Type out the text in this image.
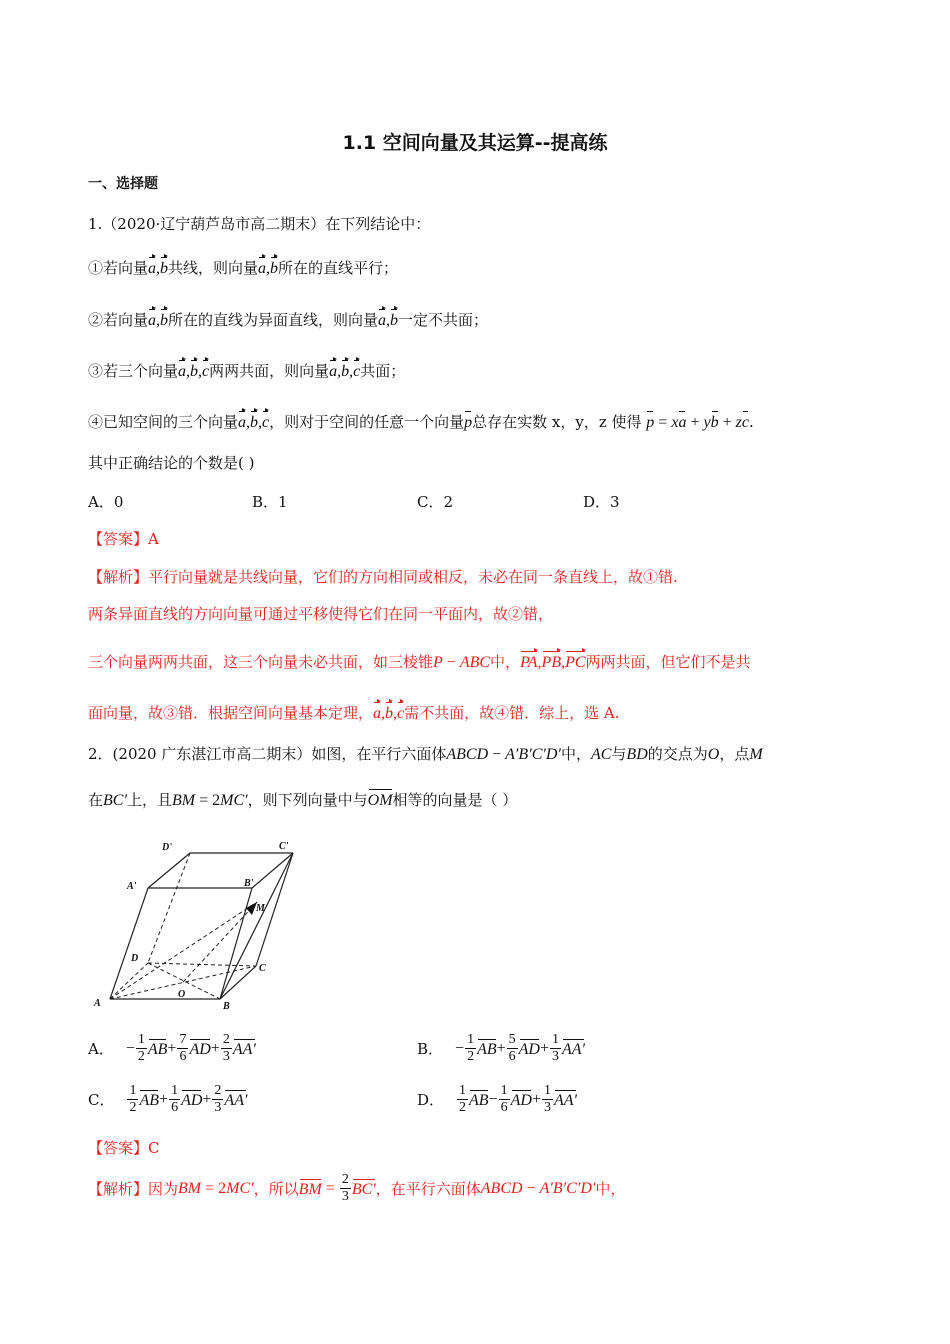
1.1 空间向量及其运算--提高练
一、选择题
1.（2020·辽宁葫芦岛市高二期末）在下列结论中：
①若向量a,b共线，则向量a,b所在的直线平行；
②若向量a,b所在的直线为异面直线，则向量a,b一定不共面；
③若三个向量a,b,c两两共面，则向量a,b,c共面；
④已知空间的三个向量a,b,c，则对于空间的任意一个向量p总存在实数 x，y，z 使得 p = xa + yb + zc.
其中正确结论的个数是( )
A．0	B．1	C．2	D．3
【答案】A
【解析】平行向量就是共线向量，它们的方向相同或相反，未必在同一条直线上，故①错.
两条异面直线的方向向量可通过平移使得它们在同一平面内，故②错，
三个向量两两共面，这三个向量未必共面，如三棱锥P − ABC中，PA,PB,PC两两共面，但它们不是共
面向量，故③错．根据空间向量基本定理，a,b,c需不共面，故④错．综上，选 A.
2．(2020 广东湛江市高二期末）如图，在平行六面体ABCD − A′B′C′D′中，AC与BD的交点为O，点M
在BC′上，且BM = 2MC′，则下列向量中与OM相等的向量是（ ）
D'	C'
A'	B'
M
D
C
A
O
B
A． − $\frac{1}{2}$ AB + $\frac{7}{6}$ AD + $\frac{2}{3} AA'$	B． − $\frac{1}{2}$ AB + $\frac{5}{6}$ AD + $\frac{1}{3} AA'$
C． $\frac{1}{2}$ AB + $\frac{1}{6}$ AD + $\frac{2}{3} AA'$	D． $\frac{1}{2}$ AB − $\frac{1}{6}$ AD + $\frac{1}{3} AA'$
【答案】C
【解析】因为 BM = 2 MC′ ，所以 BM = $\frac{2}{3} BC'$ ，在平行六面体 ABCD − A′B′C′D′ 中，
